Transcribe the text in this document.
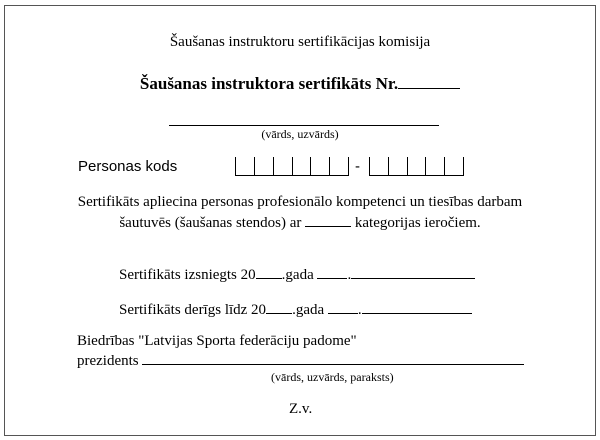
Šaušanas instruktoru sertifikācijas komisija
Šaušanas instruktora sertifikāts Nr.
(vārds, uzvārds)
Personas kods	-
Sertifikāts apliecina personas profesionālo kompetenci un tiesības darbam
šautuvēs (šaušanas stendos) ar	kategorijas ieročiem.
Sertifikāts izsniegts 20 .gada .
Sertifikāts derīgs līdz 20 .gada .
Biedrības "Latvijas Sporta federāciju padome"
prezidents
(vārds, uzvārds, paraksts)
Z.v.
